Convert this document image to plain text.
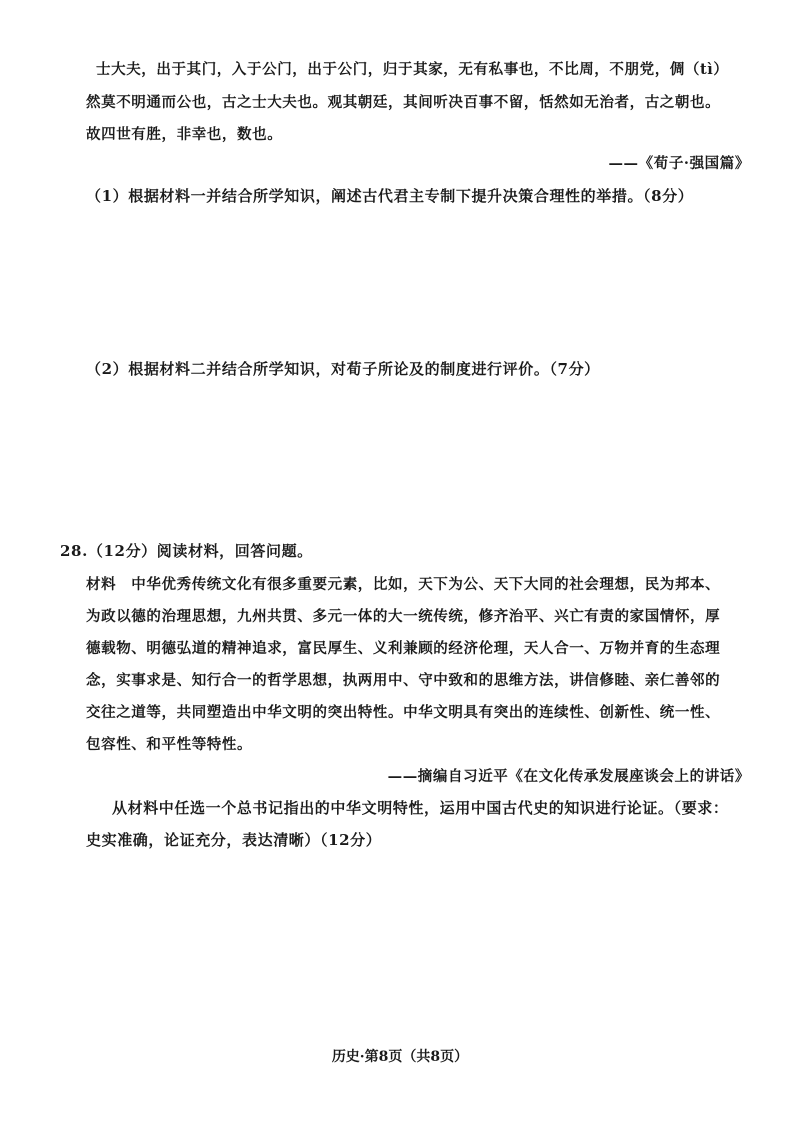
士大夫，出于其门，入于公门，出于公门，归于其家，无有私事也，不比周，不朋党，倜（tì）
然莫不明通而公也，古之士大夫也。观其朝廷，其间听决百事不留，恬然如无治者，古之朝也。
故四世有胜，非幸也，数也。
——《荀子·强国篇》
（1）根据材料一并结合所学知识，阐述古代君主专制下提升决策合理性的举措。（8分）
（2）根据材料二并结合所学知识，对荀子所论及的制度进行评价。（7分）
28.（12分）阅读材料，回答问题。
材料　中华优秀传统文化有很多重要元素，比如，天下为公、天下大同的社会理想，民为邦本、
为政以德的治理思想，九州共贯、多元一体的大一统传统，修齐治平、兴亡有责的家国情怀，厚
德载物、明德弘道的精神追求，富民厚生、义利兼顾的经济伦理，天人合一、万物并育的生态理
念，实事求是、知行合一的哲学思想，执两用中、守中致和的思维方法，讲信修睦、亲仁善邻的
交往之道等，共同塑造出中华文明的突出特性。中华文明具有突出的连续性、创新性、统一性、
包容性、和平性等特性。
——摘编自习近平《在文化传承发展座谈会上的讲话》
从材料中任选一个总书记指出的中华文明特性，运用中国古代史的知识进行论证。（要求：
史实准确，论证充分，表达清晰）（12分）
历史·第8页（共8页）
